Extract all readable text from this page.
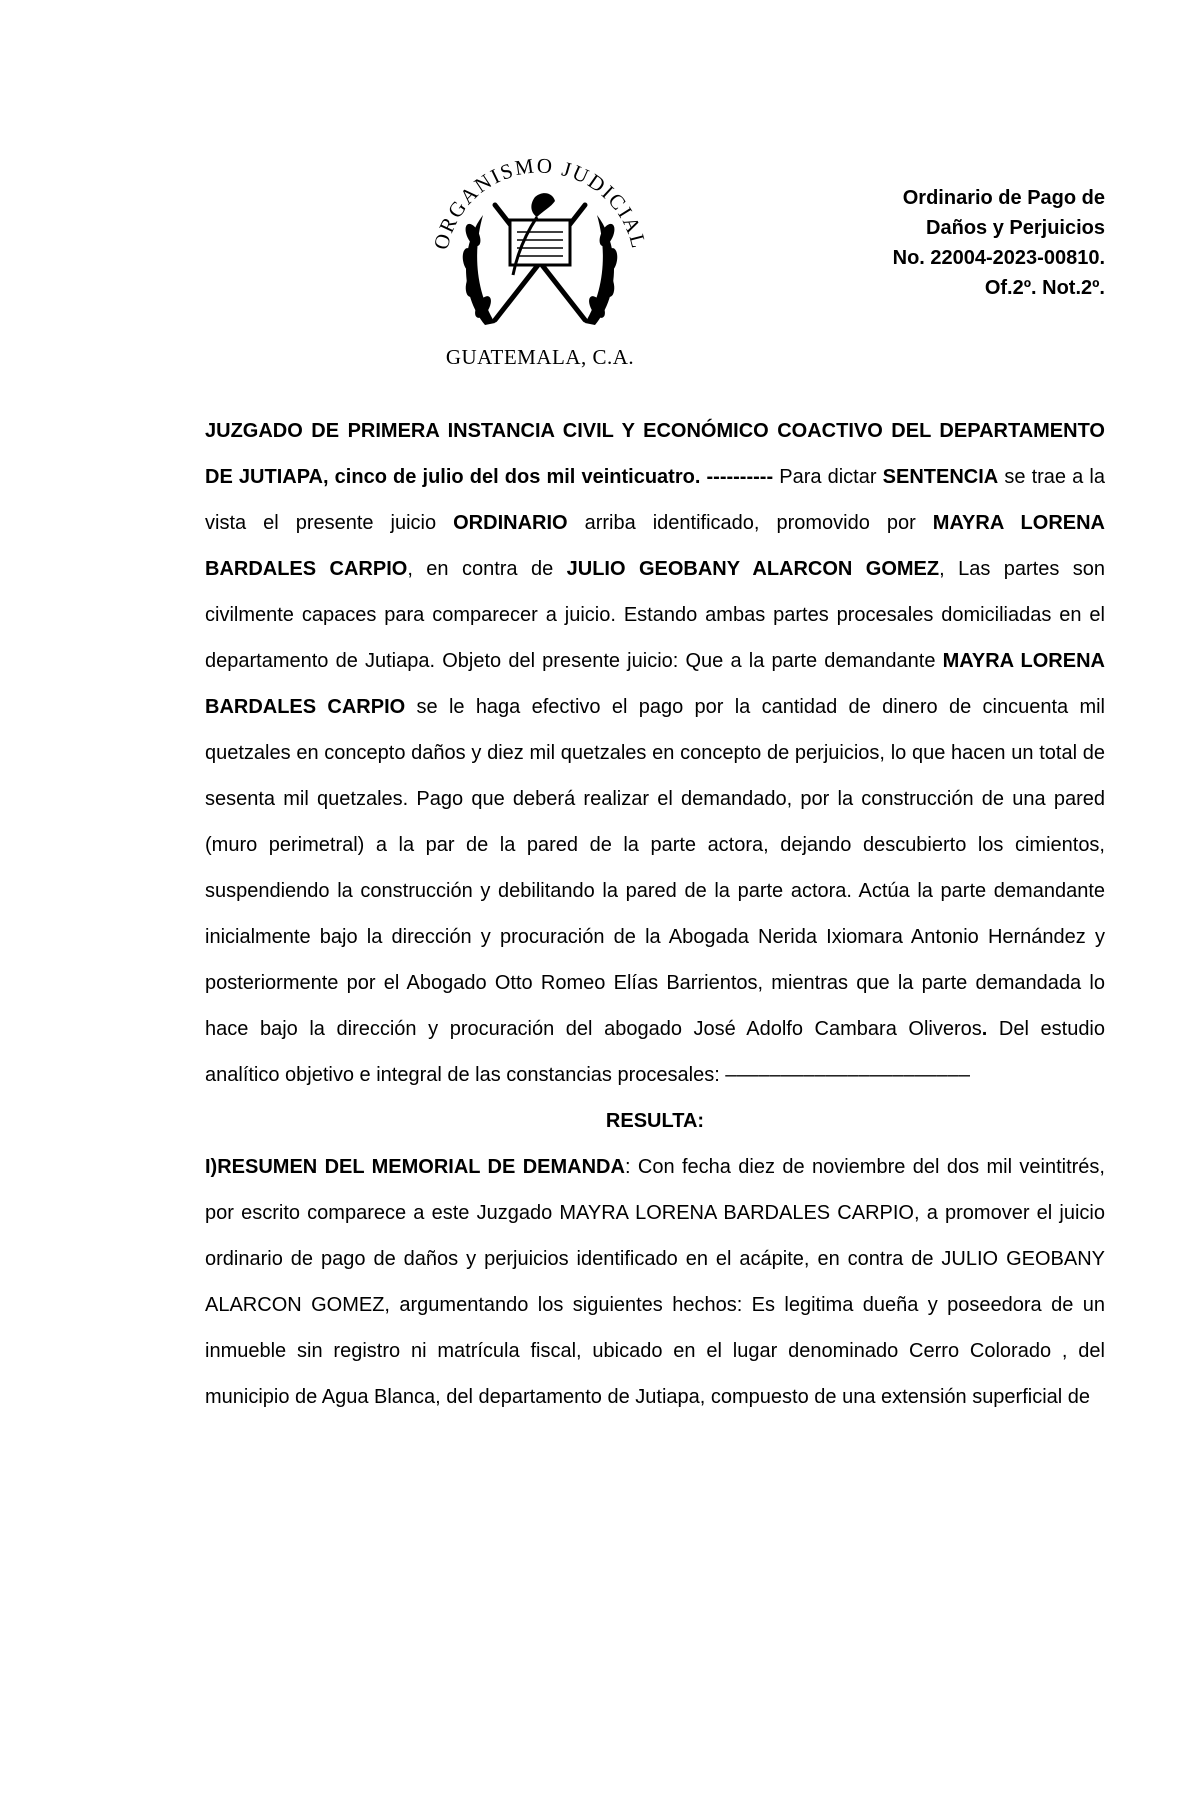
ORGANISMO JUDICIAL
GUATEMALA, C.A.
Ordinario de Pago de
Daños y Perjuicios
No. 22004-2023-00810.
Of.2º. Not.2º.

JUZGADO DE PRIMERA INSTANCIA CIVIL Y ECONÓMICO COACTIVO DEL DEPARTAMENTO DE JUTIAPA, cinco de julio del dos mil veinticuatro. ---------- Para dictar SENTENCIA se trae a la vista el presente juicio ORDINARIO arriba identificado, promovido por MAYRA LORENA BARDALES CARPIO, en contra de JULIO GEOBANY ALARCON GOMEZ, Las partes son civilmente capaces para comparecer a juicio. Estando ambas partes procesales domiciliadas en el departamento de Jutiapa. Objeto del presente juicio: Que a la parte demandante MAYRA LORENA BARDALES CARPIO se le haga efectivo el pago por la cantidad de dinero de cincuenta mil quetzales en concepto daños y diez mil quetzales en concepto de perjuicios, lo que hacen un total de sesenta mil quetzales. Pago que deberá realizar el demandado, por la construcción de una pared (muro perimetral) a la par de la pared de la parte actora, dejando descubierto los cimientos, suspendiendo la construcción y debilitando la pared de la parte actora. Actúa la parte demandante inicialmente bajo la dirección y procuración de la Abogada Nerida Ixiomara Antonio Hernández y posteriormente por el Abogado Otto Romeo Elías Barrientos, mientras que la parte demandada lo hace bajo la dirección y procuración del abogado José Adolfo Cambara Oliveros. Del estudio analítico objetivo e integral de las constancias procesales: ––––––––––––––––––––––

RESULTA:

I)RESUMEN DEL MEMORIAL DE DEMANDA: Con fecha diez de noviembre del dos mil veintitrés, por escrito comparece a este Juzgado MAYRA LORENA BARDALES CARPIO, a promover el juicio ordinario de pago de daños y perjuicios identificado en el acápite, en contra de JULIO GEOBANY ALARCON GOMEZ, argumentando los siguientes hechos: Es legitima dueña y poseedora de un inmueble sin registro ni matrícula fiscal, ubicado en el lugar denominado Cerro Colorado , del municipio de Agua Blanca, del departamento de Jutiapa, compuesto de una extensión superficial de
